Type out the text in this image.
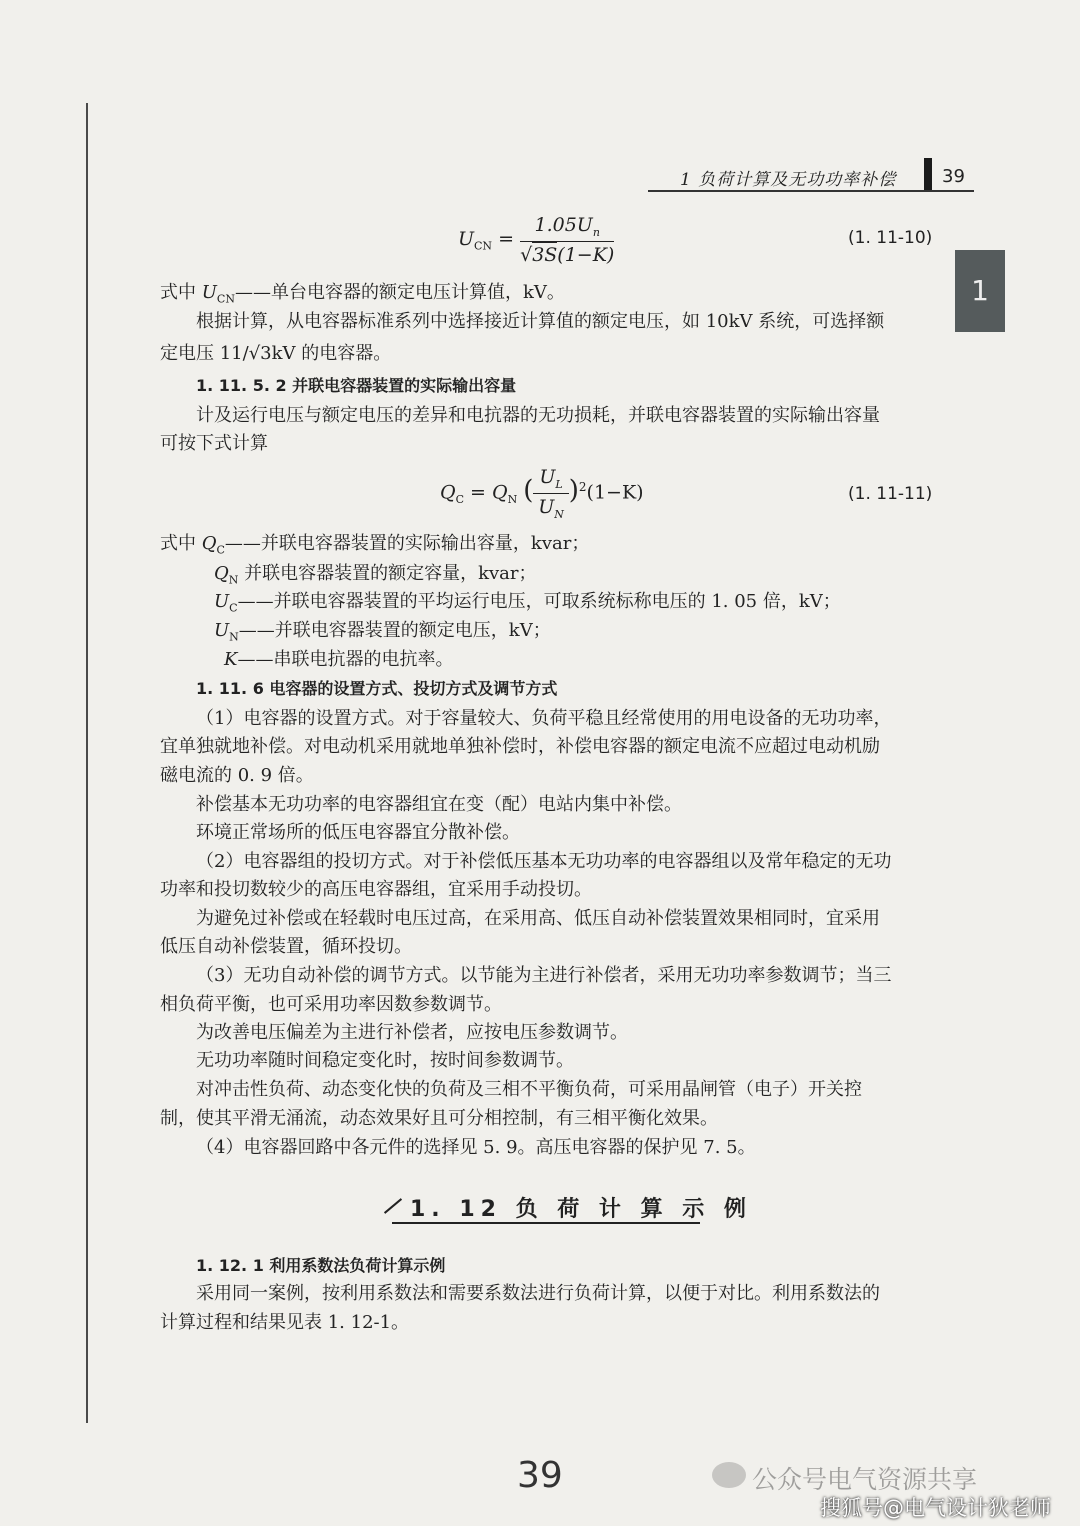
1 负荷计算及无功功率补偿	39
1
$U_{CN} = \frac{1.05U_n}{√3S(1-K)}$	(1. 11-10)
式中 $U_{CN}——$单台电容器的额定电压计算值，kV。
根据计算，从电容器标准系列中选择接近计算值的额定电压，如 10kV 系统，可选择额
定电压 11/√3kV 的电容器。
1. 11. 5. 2 并联电容器装置的实际输出容量
计及运行电压与额定电压的差异和电抗器的无功损耗，并联电容器装置的实际输出容量
可按下式计算
$Q_C = Q_N$ ( $\frac{U_L}{U_N} )^2(1-K)$	(1. 11-11)
式中 $Q_C——$并联电容器装置的实际输出容量，kvar；
$Q_N$ 并联电容器装置的额定容量，kvar；
$U_C——$并联电容器装置的平均运行电压，可取系统标称电压的 1. 05 倍，kV；
$U_N——$并联电容器装置的额定电压，kV；
K——串联电抗器的电抗率。
1. 11. 6 电容器的设置方式、投切方式及调节方式
（1）电容器的设置方式。对于容量较大、负荷平稳且经常使用的用电设备的无功功率，
宜单独就地补偿。对电动机采用就地单独补偿时，补偿电容器的额定电流不应超过电动机励
磁电流的 0. 9 倍。
补偿基本无功功率的电容器组宜在变（配）电站内集中补偿。
环境正常场所的低压电容器宜分散补偿。
（2）电容器组的投切方式。对于补偿低压基本无功功率的电容器组以及常年稳定的无功
功率和投切数较少的高压电容器组，宜采用手动投切。
为避免过补偿或在轻载时电压过高，在采用高、低压自动补偿装置效果相同时，宜采用
低压自动补偿装置，循环投切。
（3）无功自动补偿的调节方式。以节能为主进行补偿者，采用无功功率参数调节；当三
相负荷平衡，也可采用功率因数参数调节。
为改善电压偏差为主进行补偿者，应按电压参数调节。
无功功率随时间稳定变化时，按时间参数调节。
对冲击性负荷、动态变化快的负荷及三相不平衡负荷，可采用晶闸管（电子）开关控
制，使其平滑无涌流，动态效果好且可分相控制，有三相平衡化效果。
（4）电容器回路中各元件的选择见 5. 9。高压电容器的保护见 7. 5。
1. 12 负 荷 计 算 示 例
1. 12. 1 利用系数法负荷计算示例
采用同一案例，按利用系数法和需要系数法进行负荷计算，以便于对比。利用系数法的
计算过程和结果见表 1. 12-1。
39	公众号电气资源共享
搜狐号@电气设计狄老师
